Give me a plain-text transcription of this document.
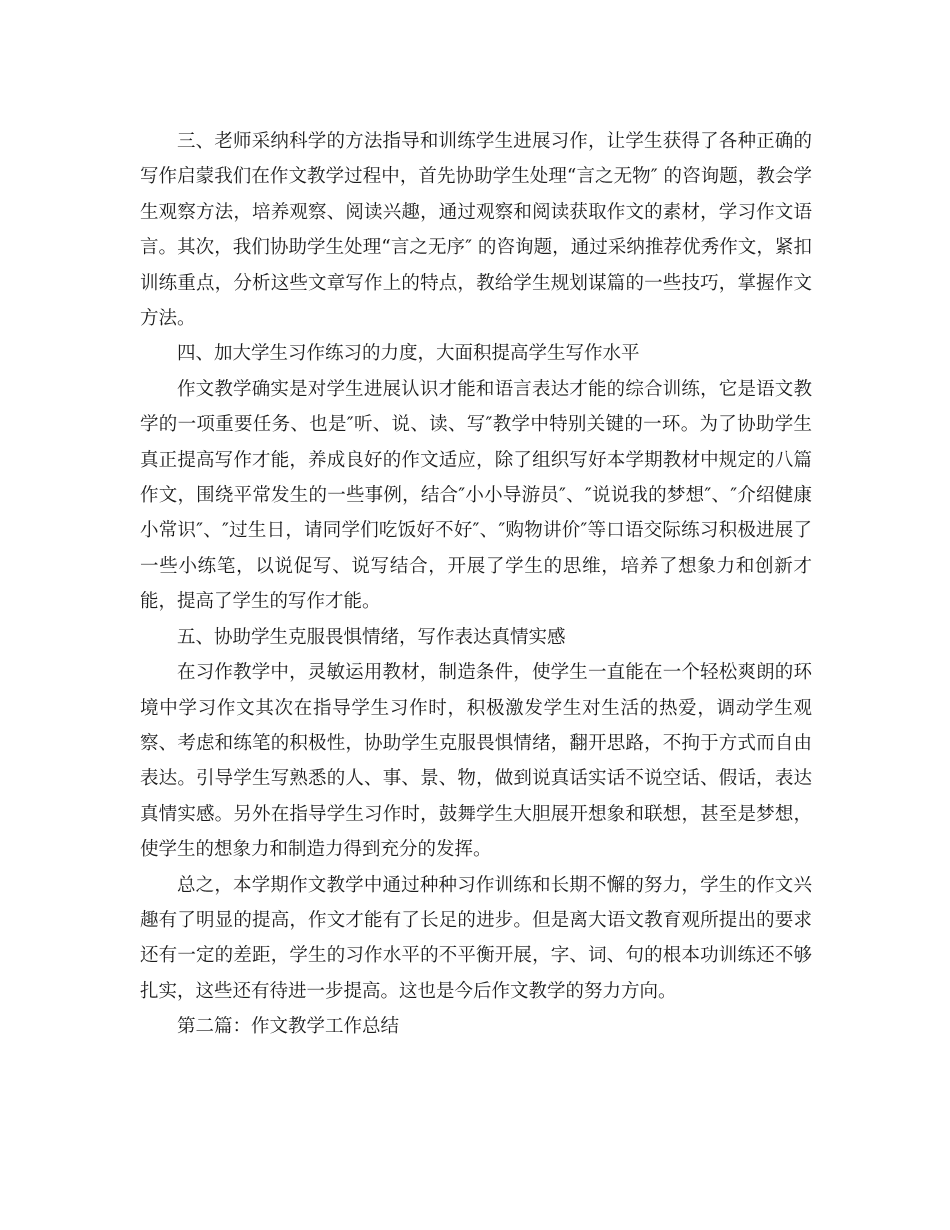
三、老师采纳科学的方法指导和训练学生进展习作，让学生获得了各种正确的写作启蒙我们在作文教学过程中，首先协助学生处理“言之无物″ 的咨询题，教会学生观察方法，培养观察、阅读兴趣，通过观察和阅读获取作文的素材，学习作文语言。其次，我们协助学生处理“言之无序″ 的咨询题，通过采纳推荐优秀作文，紧扣训练重点，分析这些文章写作上的特点，教给学生规划谋篇的一些技巧，掌握作文方法。

四、加大学生习作练习的力度，大面积提高学生写作水平

作文教学确实是对学生进展认识才能和语言表达才能的综合训练，它是语文教学的一项重要任务、也是″听、说、读、写″教学中特别关键的一环。为了协助学生真正提高写作才能，养成良好的作文适应，除了组织写好本学期教材中规定的八篇作文，围绕平常发生的一些事例，结合″小小导游员″、″说说我的梦想″、″介绍健康小常识″、″过生日，请同学们吃饭好不好″、″购物讲价″等口语交际练习积极进展了一些小练笔，以说促写、说写结合，开展了学生的思维，培养了想象力和创新才能，提高了学生的写作才能。

五、协助学生克服畏惧情绪，写作表达真情实感

在习作教学中，灵敏运用教材，制造条件，使学生一直能在一个轻松爽朗的环境中学习作文其次在指导学生习作时，积极激发学生对生活的热爱，调动学生观察、考虑和练笔的积极性，协助学生克服畏惧情绪，翻开思路，不拘于方式而自由表达。引导学生写熟悉的人、事、景、物，做到说真话实话不说空话、假话，表达真情实感。另外在指导学生习作时，鼓舞学生大胆展开想象和联想，甚至是梦想，使学生的想象力和制造力得到充分的发挥。

总之，本学期作文教学中通过种种习作训练和长期不懈的努力，学生的作文兴趣有了明显的提高，作文才能有了长足的进步。但是离大语文教育观所提出的要求还有一定的差距，学生的习作水平的不平衡开展，字、词、句的根本功训练还不够扎实，这些还有待进一步提高。这也是今后作文教学的努力方向。

第二篇：作文教学工作总结
